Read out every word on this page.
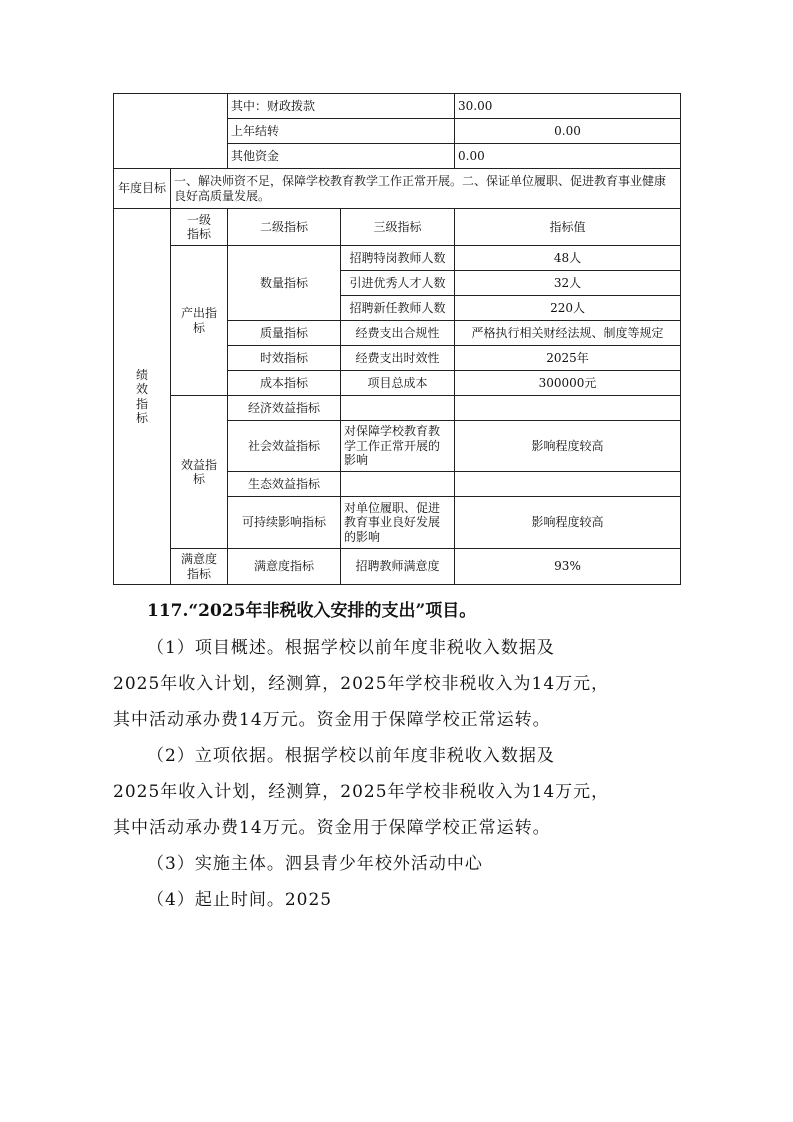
		其中：财政拨款		30.00
		上年结转		0.00
		其他资金		0.00
年度目标	一、解决师资不足，保障学校教育教学工作正常开展。二、保证单位履职、促进教育事业健康良好高质量发展。			
绩效指标	一级指标	二级指标	三级指标	指标值
	产出指标	数量指标	招聘特岗教师人数	48人
			引进优秀人才人数	32人
			招聘新任教师人数	220人
		质量指标	经费支出合规性	严格执行相关财经法规、制度等规定
		时效指标	经费支出时效性	2025年
		成本指标	项目总成本	300000元
	效益指标	经济效益指标		
		社会效益指标	对保障学校教育教学工作正常开展的影响	影响程度较高
		生态效益指标		
		可持续影响指标	对单位履职、促进教育事业良好发展的影响	影响程度较高
	满意度指标	满意度指标	招聘教师满意度	93%
117.“2025年非税收入安排的支出”项目。

（1）项目概述。根据学校以前年度非税收入数据及

2025年收入计划，经测算，2025年学校非税收入为14万元，

其中活动承办费14万元。资金用于保障学校正常运转。

（2）立项依据。根据学校以前年度非税收入数据及

2025年收入计划，经测算，2025年学校非税收入为14万元，

其中活动承办费14万元。资金用于保障学校正常运转。

（3）实施主体。泗县青少年校外活动中心

（4）起止时间。2025
